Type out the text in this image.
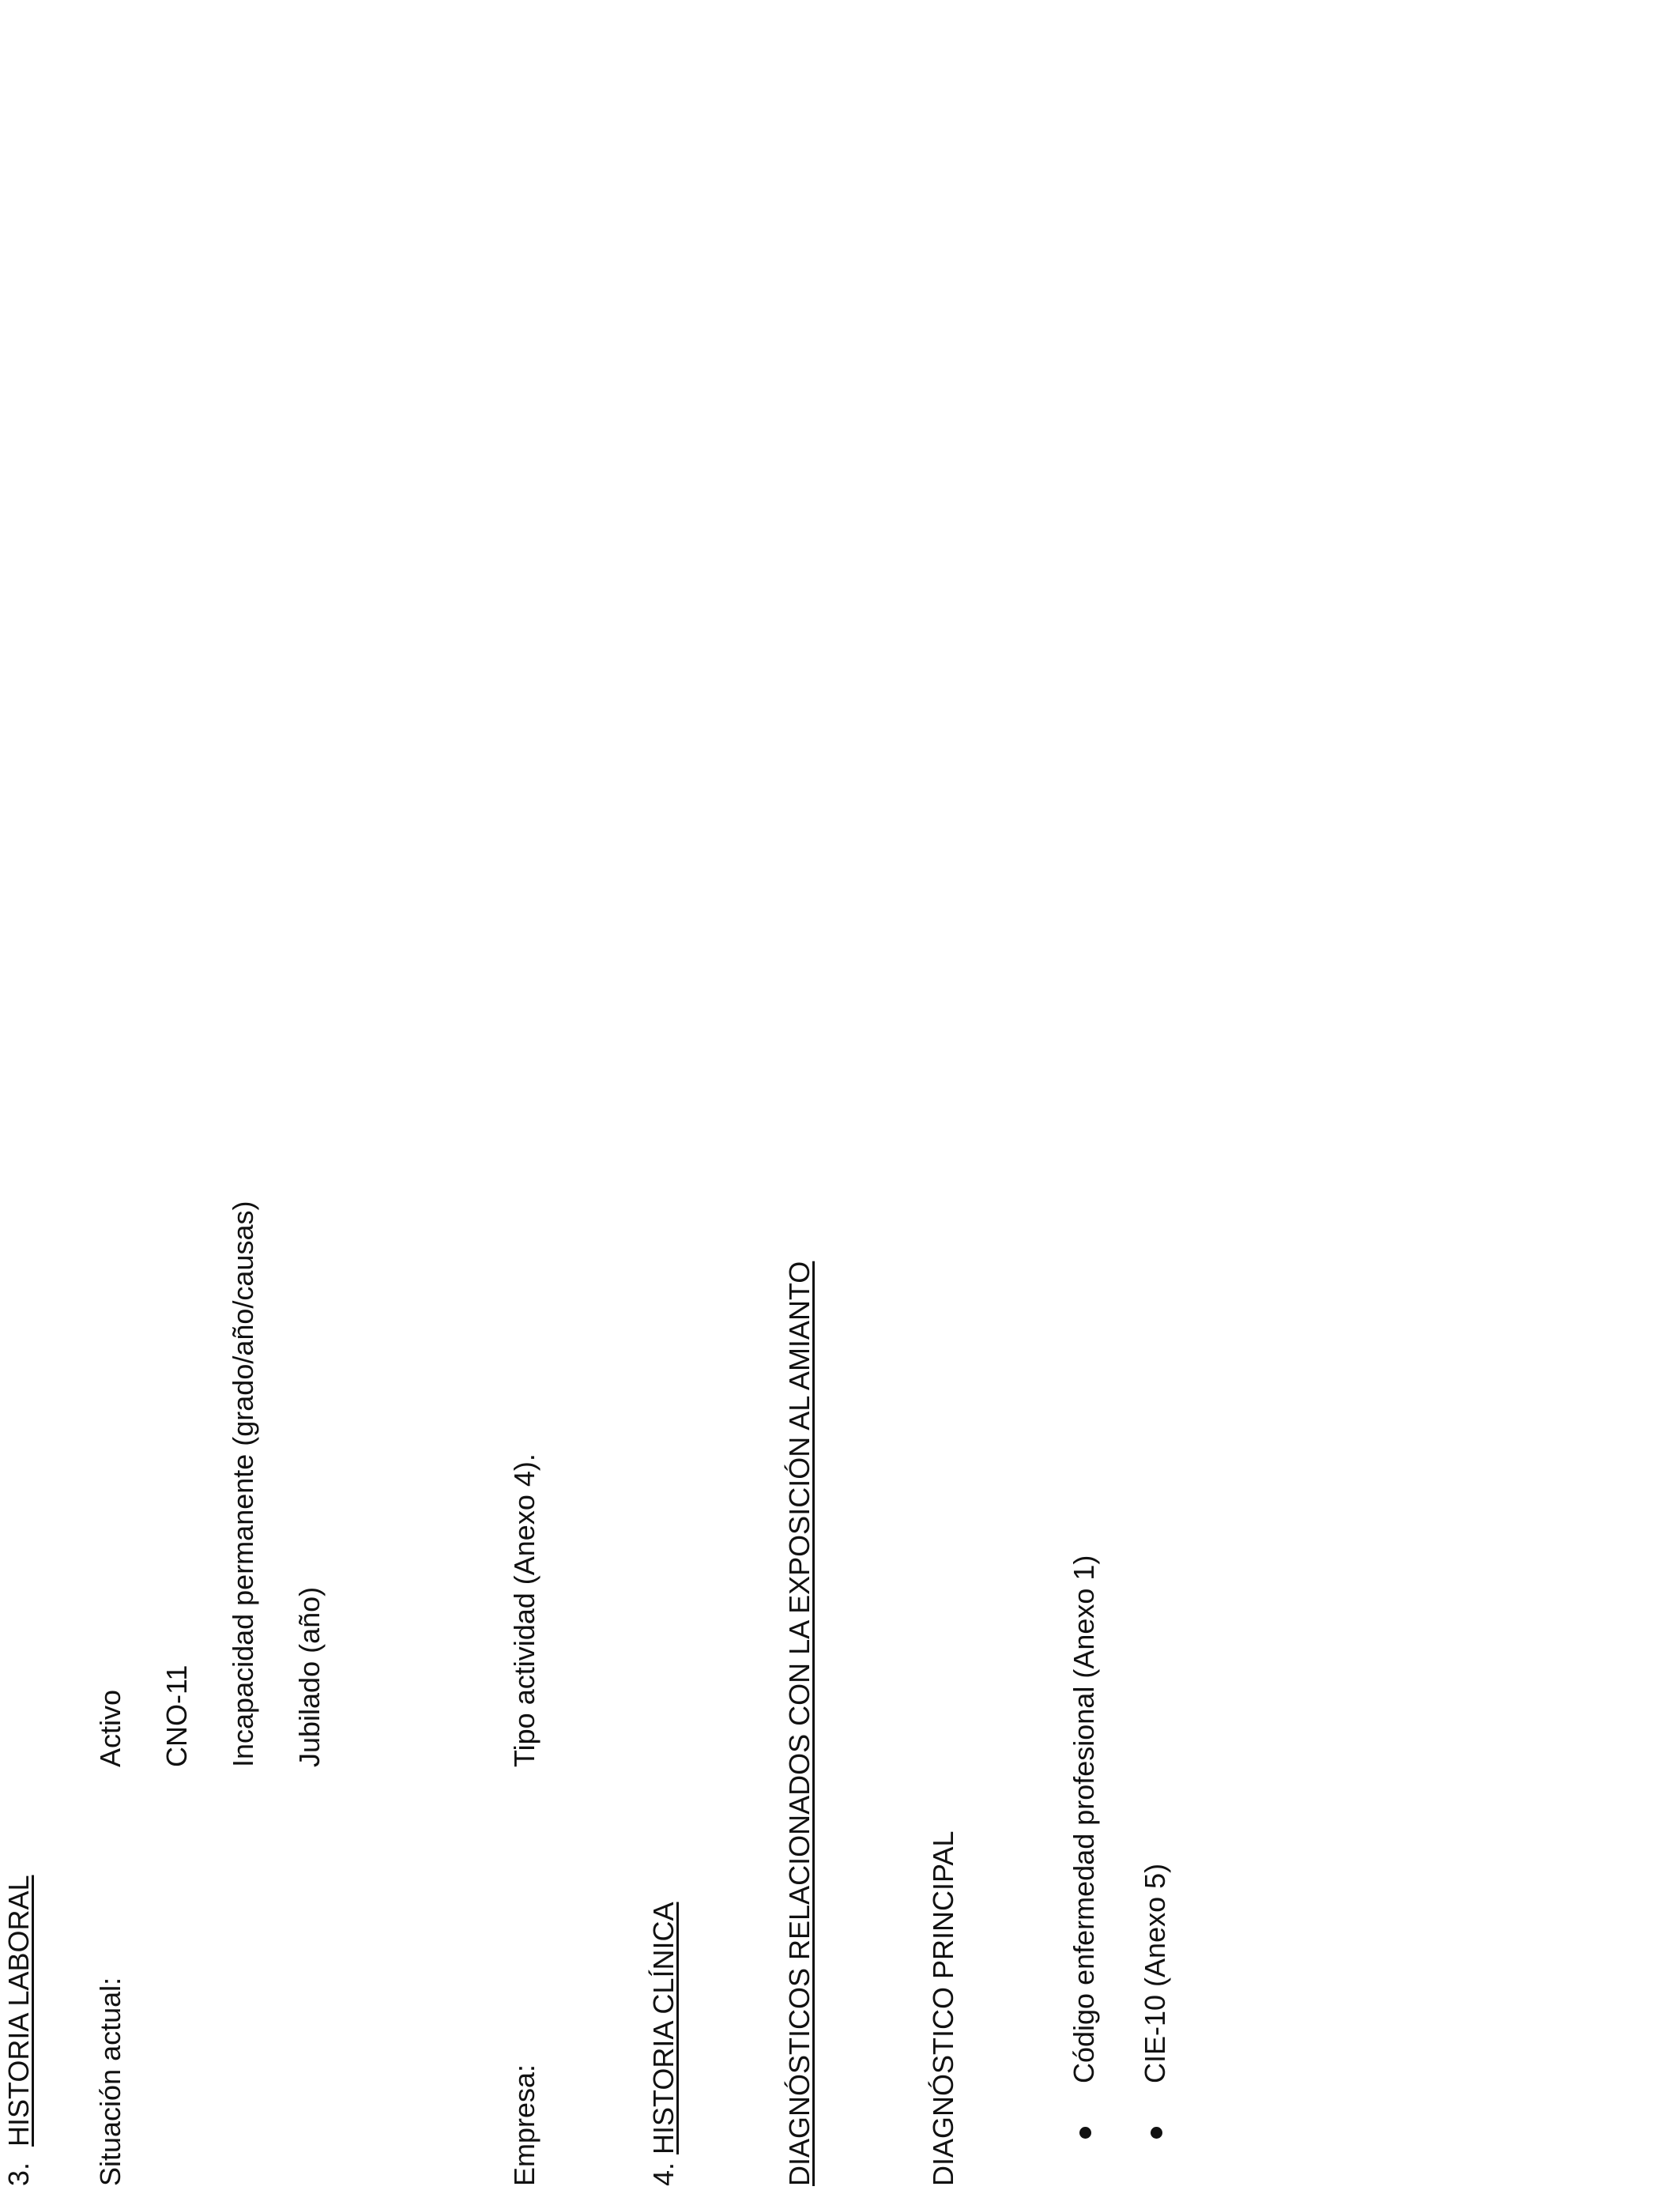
3.  HISTORIA LABORAL Situación actual:
Activo CNO-11 Incapacidad permanente (grado/año/causas) Jubilado (año)
Empresa:
Tipo actividad (Anexo 4).
4. HISTORIA CLÍNICA	DIAGNÓSTICOS RELACIONADOS CON LA EXPOSICIÓN AL AMIANTO	DIAGNÓSTICO PRINCIPAL	Código enfermedad profesional (Anexo 1) CIE-10 (Anexo 5)
